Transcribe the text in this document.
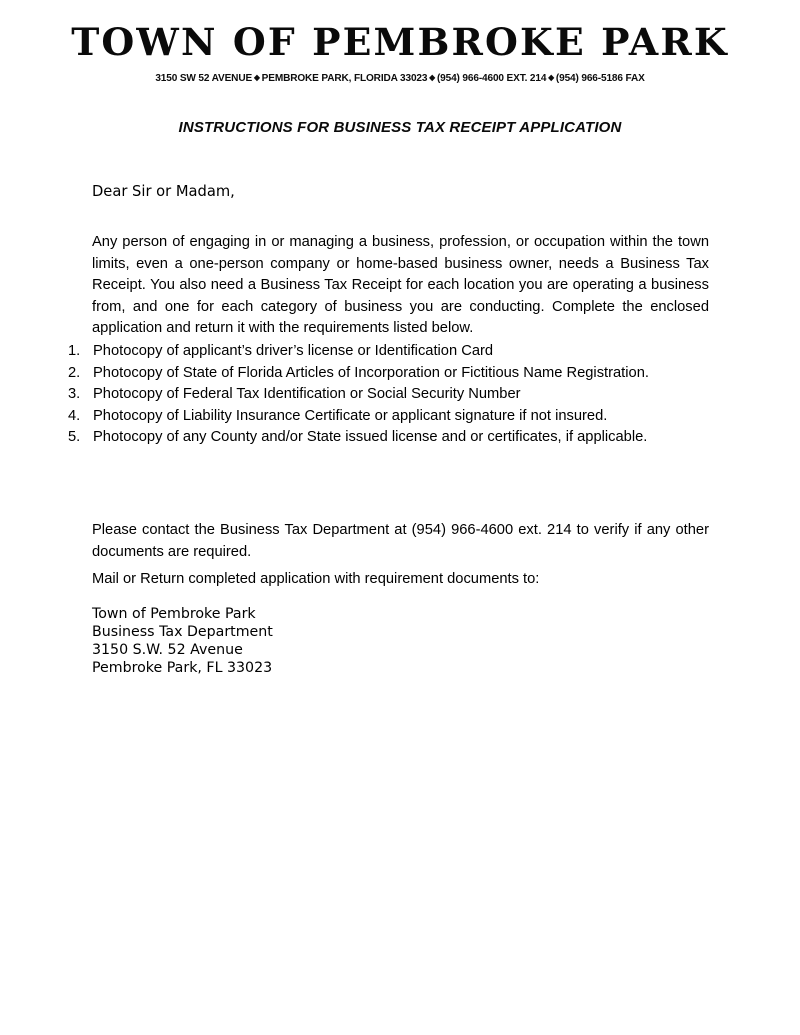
TOWN OF PEMBROKE PARK
3150 SW 52 AVENUE ◆ PEMBROKE PARK, FLORIDA 33023 ◆ (954) 966-4600 EXT. 214 ◆ (954) 966-5186 FAX
INSTRUCTIONS FOR BUSINESS TAX RECEIPT APPLICATION

Dear Sir or Madam,

Any person of engaging in or managing a business, profession, or occupation within the town limits, even a one-person company or home-based business owner, needs a Business Tax Receipt. You also need a Business Tax Receipt for each location you are operating a business from, and one for each category of business you are conducting. Complete the enclosed application and return it with the requirements listed below.

1. Photocopy of applicant’s driver’s license or Identification Card
2. Photocopy of State of Florida Articles of Incorporation or Fictitious Name Registration.
3. Photocopy of Federal Tax Identification or Social Security Number
4. Photocopy of Liability Insurance Certificate or applicant signature if not insured.
5. Photocopy of any County and/or State issued license and or certificates, if applicable.

Please contact the Business Tax Department at (954) 966-4600 ext. 214 to verify if any other documents are required.

Mail or Return completed application with requirement documents to:

Town of Pembroke Park
Business Tax Department
3150 S.W. 52 Avenue
Pembroke Park, FL 33023
